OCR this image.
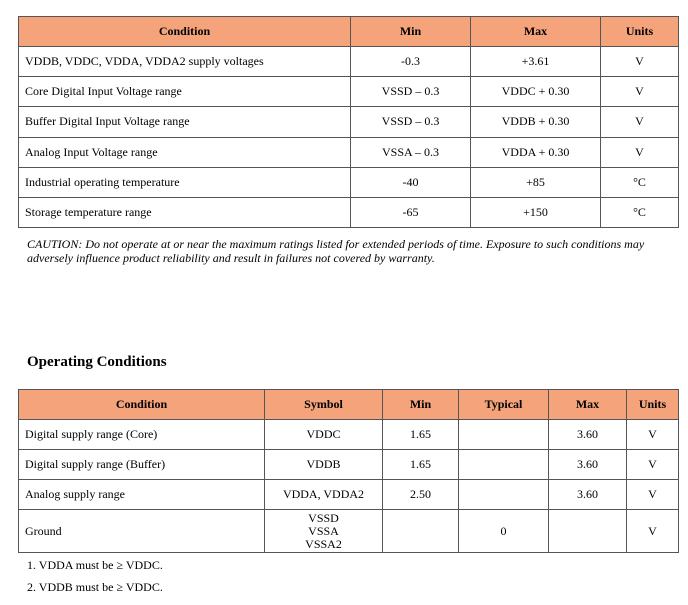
Condition	Min	Max	Units
VDDB, VDDC, VDDA, VDDA2 supply voltages	-0.3	+3.61	V
Core Digital Input Voltage range	VSSD – 0.3	VDDC + 0.30	V
Buffer Digital Input Voltage range	VSSD – 0.3	VDDB + 0.30	V
Analog Input Voltage range	VSSA – 0.3	VDDA + 0.30	V
Industrial operating temperature	-40	+85	°C
Storage temperature range	-65	+150	°C
CAUTION: Do not operate at or near the maximum ratings listed for extended periods of time. Exposure to such conditions may adversely influence product reliability and result in failures not covered by warranty.
Operating Conditions
Condition	Symbol	Min	Typical	Max	Units
Digital supply range (Core)	VDDC	1.65		3.60	V
Digital supply range (Buffer)	VDDB	1.65		3.60	V
Analog supply range	VDDA, VDDA2	2.50		3.60	V
Ground	VSSD
VSSA
VSSA2		0		V
1. VDDA must be ≥ VDDC.
2. VDDB must be ≥ VDDC.
